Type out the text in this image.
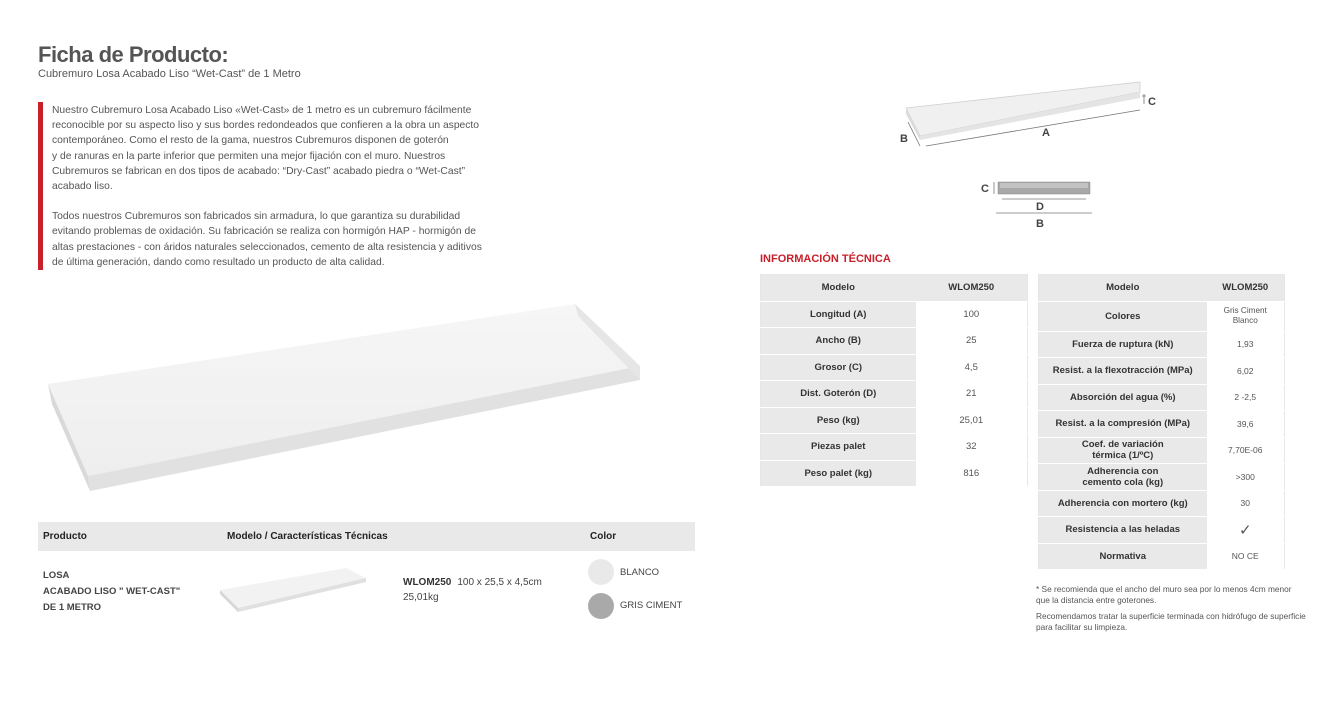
Ficha de Producto:
Cubremuro Losa Acabado Liso “Wet-Cast” de 1 Metro

Nuestro Cubremuro Losa Acabado Liso «Wet-Cast» de 1 metro es un cubremuro fácilmente
reconocible por su aspecto liso y sus bordes redondeados que confieren a la obra un aspecto
contemporáneo. Como el resto de la gama, nuestros Cubremuros disponen de goterón
y de ranuras en la parte inferior que permiten una mejor fijación con el muro. Nuestros
Cubremuros se fabrican en dos tipos de acabado: “Dry-Cast” acabado piedra o “Wet-Cast”
acabado liso.

Todos nuestros Cubremuros son fabricados sin armadura, lo que garantiza su durabilidad
evitando problemas de oxidación. Su fabricación se realiza con hormigón HAP - hormigón de
altas prestaciones - con áridos naturales seleccionados, cemento de alta resistencia y aditivos
de última generación, dando como resultado un producto de alta calidad.

Producto	Modelo / Características Técnicas	Color
LOSA
ACABADO LISO " WET-CAST"
DE 1 METRO
WLOM250 100 x 25,5 x 4,5cm
25,01kg
BLANCO
GRIS CIMENT
C
A
B
C
D
B
INFORMACIÓN TÉCNICA
Modelo	WLOM250
Longitud (A)	100
Ancho (B)	25
Grosor (C)	4,5
Dist. Goterón (D)	21
Peso (kg)	25,01
Piezas palet	32
Peso palet (kg)	816
Modelo	WLOM250
Colores	Gris Ciment
Blanco
Fuerza de ruptura (kN)	1,93
Resist. a la flexotracción (MPa)	6,02
Absorción del agua (%)	2 -2,5
Resist. a la compresión (MPa)	39,6
Coef. de variación
térmica (1/ºC)	7,70E-06
Adherencia con
cemento cola (kg)	>300
Adherencia con mortero (kg)	30
Resistencia a las heladas	✓
Normativa	NO CE
* Se recomienda que el ancho del muro sea por lo menos 4cm menor que la distancia entre goterones.
Recomendamos tratar la superficie terminada con hidrófugo de superficie para facilitar su limpieza.
